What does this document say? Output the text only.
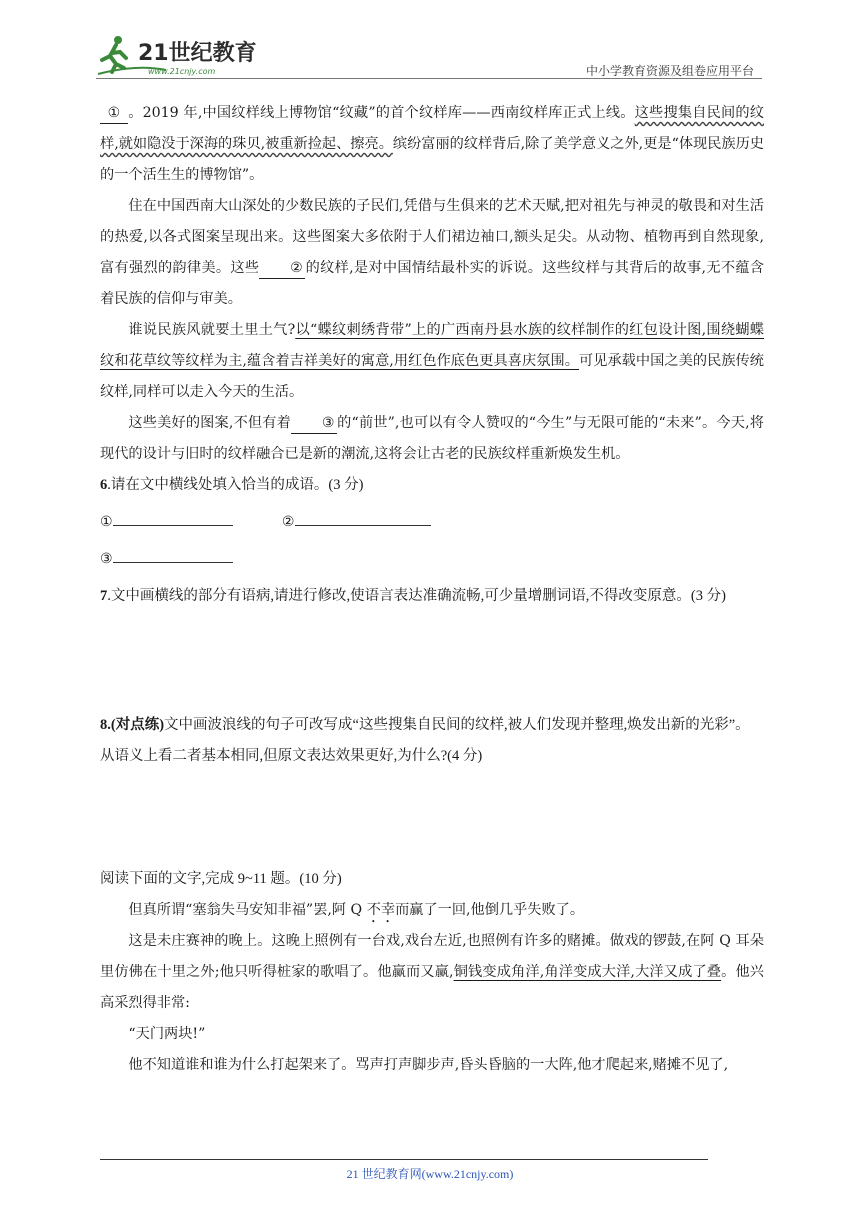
21世纪教育
www.21cnjy.com	中小学教育资源及组卷应用平台

① 。2019 年,中国纹样线上博物馆“纹藏”的首个纹样库——西南纹样库正式上线。这些搜集自民间的纹样,就如隐没于深海的珠贝,被重新捡起、擦亮。缤纷富丽的纹样背后,除了美学意义之外,更是“体现民族历史的一个活生生的博物馆”。

住在中国西南大山深处的少数民族的子民们,凭借与生俱来的艺术天赋,把对祖先与神灵的敬畏和对生活的热爱,以各式图案呈现出来。这些图案大多依附于人们裙边袖口,额头足尖。从动物、植物再到自然现象,富有强烈的韵律美。这些 ② 的纹样,是对中国情结最朴实的诉说。这些纹样与其背后的故事,无不蕴含着民族的信仰与审美。

谁说民族风就要土里土气?以“蝶纹刺绣背带”上的广西南丹县水族的纹样制作的红包设计图,围绕蝴蝶纹和花草纹等纹样为主,蕴含着吉祥美好的寓意,用红色作底色更具喜庆氛围。可见承载中国之美的民族传统纹样,同样可以走入今天的生活。

这些美好的图案,不但有着 ③ 的“前世”,也可以有令人赞叹的“今生”与无限可能的“未来”。今天,将现代的设计与旧时的纹样融合已是新的潮流,这将会让古老的民族纹样重新焕发生机。

6.请在文中横线处填入恰当的成语。(3 分)

①	②
③

7.文中画横线的部分有语病,请进行修改,使语言表达准确流畅,可少量增删词语,不得改变原意。(3 分)

8.(对点练)文中画波浪线的句子可改写成“这些搜集自民间的纹样,被人们发现并整理,焕发出新的光彩”。从语义上看二者基本相同,但原文表达效果更好,为什么?(4 分)

阅读下面的文字,完成 9~11 题。(10 分)

但真所谓“塞翁失马安知非福”罢,阿 Q 不幸而赢了一回,他倒几乎失败了。

这是未庄赛神的晚上。这晚上照例有一台戏,戏台左近,也照例有许多的赌摊。做戏的锣鼓,在阿 Q 耳朵里仿佛在十里之外;他只听得桩家的歌唱了。他赢而又赢,铜钱变成角洋,角洋变成大洋,大洋又成了叠。他兴高采烈得非常:

“天门两块!”

他不知道谁和谁为什么打起架来了。骂声打声脚步声,昏头昏脑的一大阵,他才爬起来,赌摊不见了,

21 世纪教育网(www.21cnjy.com)
